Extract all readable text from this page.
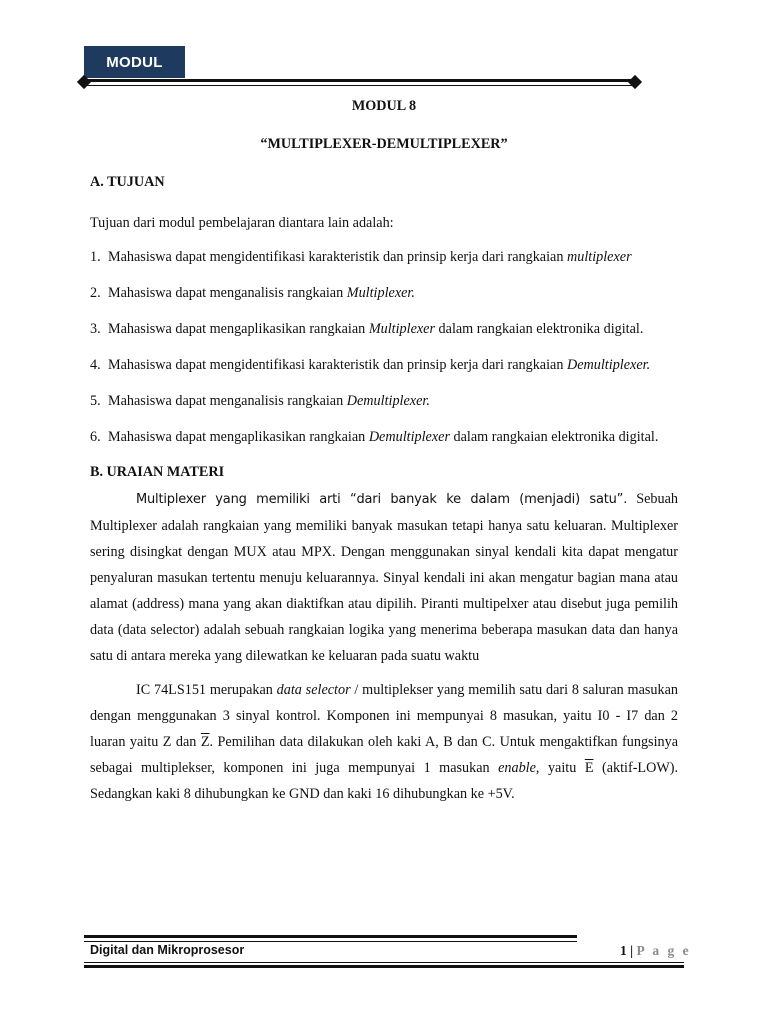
MODUL

MODUL 8

“MULTIPLEXER-DEMULTIPLEXER”

A. TUJUAN

Tujuan dari modul pembelajaran diantara lain adalah:

1. Mahasiswa dapat mengidentifikasi karakteristik dan prinsip kerja dari rangkaian multiplexer
2. Mahasiswa dapat menganalisis rangkaian Multiplexer.
3. Mahasiswa dapat mengaplikasikan rangkaian Multiplexer dalam rangkaian elektronika digital.
4. Mahasiswa dapat mengidentifikasi karakteristik dan prinsip kerja dari rangkaian Demultiplexer.
5. Mahasiswa dapat menganalisis rangkaian Demultiplexer.
6. Mahasiswa dapat mengaplikasikan rangkaian Demultiplexer dalam rangkaian elektronika digital.

B. URAIAN MATERI

Multiplexer yang memiliki arti “dari banyak ke dalam (menjadi) satu”. Sebuah Multiplexer adalah rangkaian yang memiliki banyak masukan tetapi hanya satu keluaran. Multiplexer sering disingkat dengan MUX atau MPX. Dengan menggunakan sinyal kendali kita dapat mengatur penyaluran masukan tertentu menuju keluarannya. Sinyal kendali ini akan mengatur bagian mana atau alamat (address) mana yang akan diaktifkan atau dipilih. Piranti multipelxer atau disebut juga pemilih data (data selector) adalah sebuah rangkaian logika yang menerima beberapa masukan data dan hanya satu di antara mereka yang dilewatkan ke keluaran pada suatu waktu

IC 74LS151 merupakan data selector / multiplekser yang memilih satu dari 8 saluran masukan dengan menggunakan 3 sinyal kontrol. Komponen ini mempunyai 8 masukan, yaitu I0 - I7 dan 2 luaran yaitu Z dan $\overline{Z}$. Pemilihan data dilakukan oleh kaki A, B dan C. Untuk mengaktifkan fungsinya sebagai multiplekser, komponen ini juga mempunyai 1 masukan enable, yaitu $\overline{E}$ (aktif-LOW). Sedangkan kaki 8 dihubungkan ke GND dan kaki 16 dihubungkan ke +5V.

Digital dan Mikroprosesor	1 | P a g e
